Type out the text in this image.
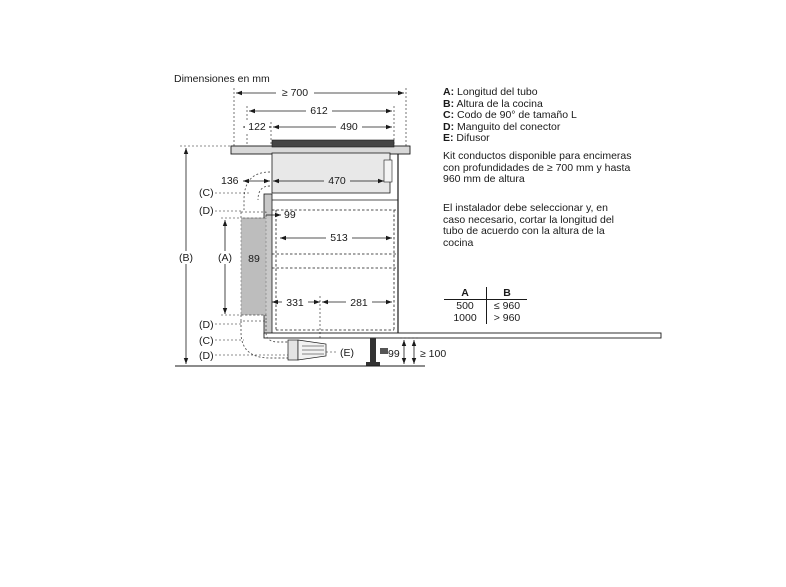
Dimensiones en mm
≥ 700
612
122	490
136	470
99
513
89
331	281
99 ≥ 100
(B) (A)
(C)
(D)
(D)
(C)
(D)	(E)
A: Longitud del tubo
B: Altura de la cocina
C: Codo de 90° de tamaño L
D: Manguito del conector
E: Difusor
Kit conductos disponible para encimeras con profundidades de ≥ 700 mm y hasta 960 mm de altura
El instalador debe seleccionar y, en caso necesario, cortar la longitud del tubo de acuerdo con la altura de la cocina
A	B
500	≤ 960
1000	> 960
